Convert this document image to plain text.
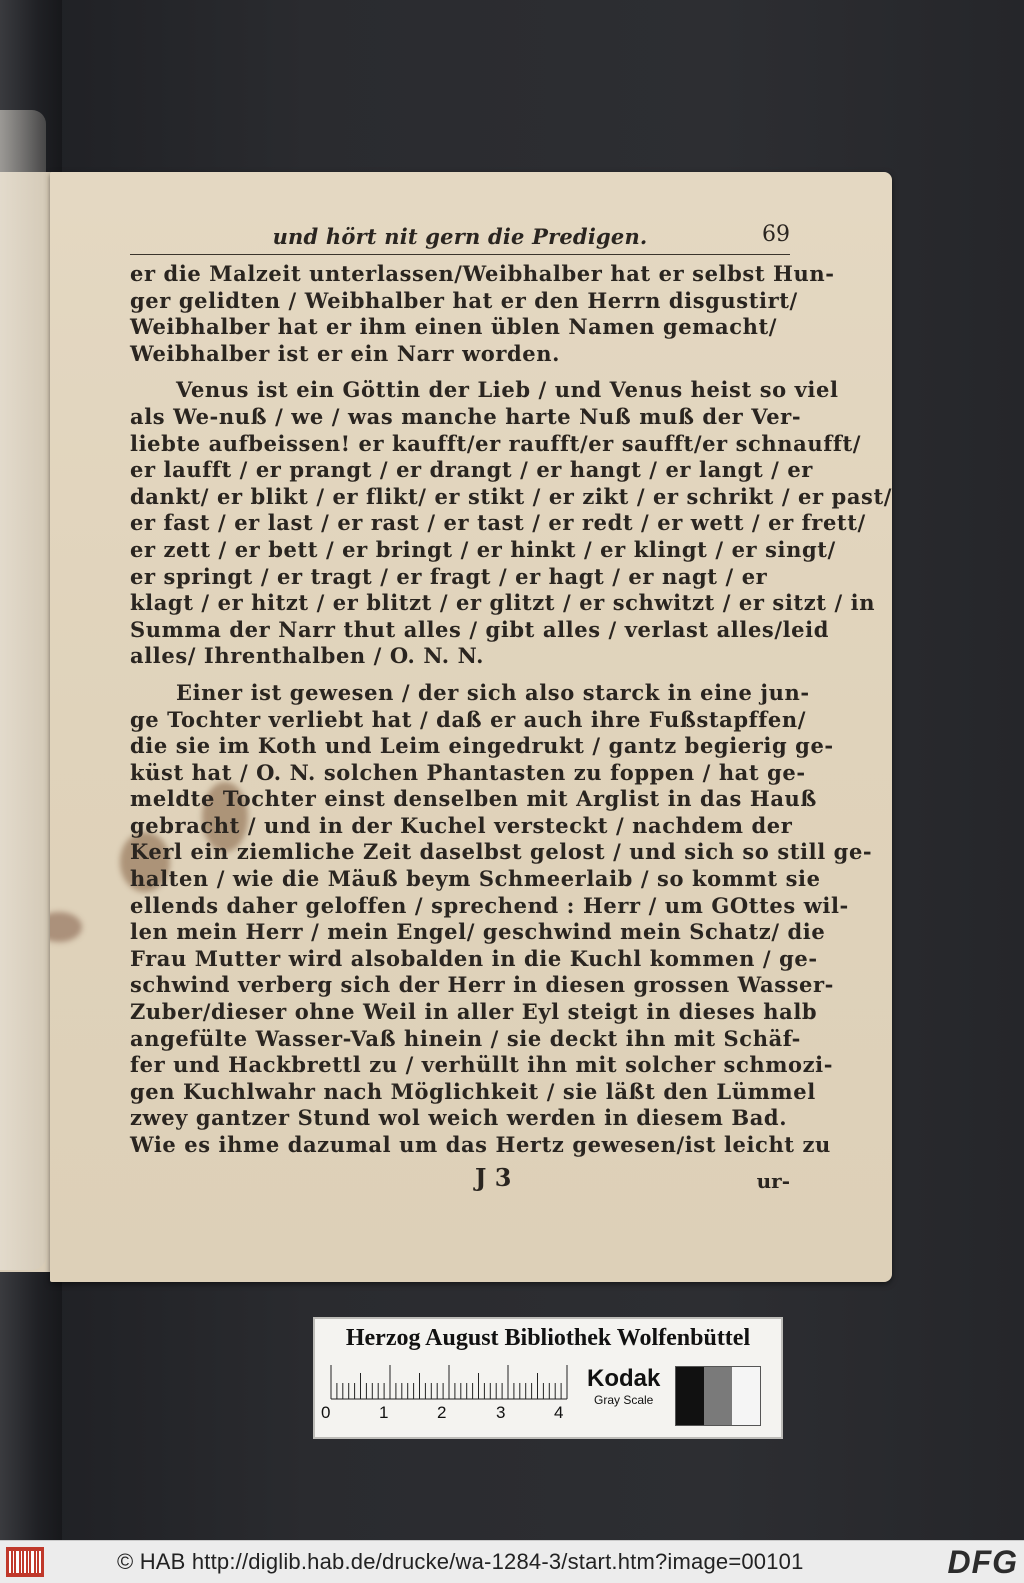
und hört nit gern die Predigen.	69
er die Malzeit unterlassen/Weibhalber hat er selbst Hun-
ger gelidten / Weibhalber hat er den Herrn disgustirt/
Weibhalber hat er ihm einen üblen Namen gemacht/
Weibhalber ist er ein Narr worden.
Venus ist ein Göttin der Lieb / und Venus heist so viel
als We-nuß / we / was manche harte Nuß muß der Ver-
liebte aufbeissen! er kaufft/er raufft/er saufft/er schnaufft/
er laufft / er prangt / er drangt / er hangt / er langt / er
dankt/ er blikt / er flikt/ er stikt / er zikt / er schrikt / er past/
er fast / er last / er rast / er tast / er redt / er wett / er frett/
er zett / er bett / er bringt / er hinkt / er klingt / er singt/
er springt / er tragt / er fragt / er hagt / er nagt / er
klagt / er hitzt / er blitzt / er glitzt / er schwitzt / er sitzt / in
Summa der Narr thut alles / gibt alles / verlast alles/leid
alles/ Ihrenthalben / O. N. N.
Einer ist gewesen / der sich also starck in eine jun-
ge Tochter verliebt hat / daß er auch ihre Fußstapffen/
die sie im Koth und Leim eingedrukt / gantz begierig ge-
küst hat / O. N. solchen Phantasten zu foppen / hat ge-
meldte Tochter einst denselben mit Arglist in das Hauß
gebracht / und in der Kuchel versteckt / nachdem der
Kerl ein ziemliche Zeit daselbst gelost / und sich so still ge-
halten / wie die Mäuß beym Schmeerlaib / so kommt sie
ellends daher geloffen / sprechend : Herr / um GOttes wil-
len mein Herr / mein Engel/ geschwind mein Schatz/ die
Frau Mutter wird alsobalden in die Kuchl kommen / ge-
schwind verberg sich der Herr in diesen grossen Wasser-
Zuber/dieser ohne Weil in aller Eyl steigt in dieses halb
angefülte Wasser-Vaß hinein / sie deckt ihn mit Schäf-
fer und Hackbrettl zu / verhüllt ihn mit solcher schmozi-
gen Kuchlwahr nach Möglichkeit / sie läßt den Lümmel
zwey gantzer Stund wol weich werden in diesem Bad.
Wie es ihme dazumal um das Hertz gewesen/ist leicht zu
J 3	ur-
Herzog August Bibliothek Wolfenbüttel
0	1	2	3	4
Kodak
Gray Scale
© HAB http://diglib.hab.de/drucke/wa-1284-3/start.htm?image=00101	DFG
